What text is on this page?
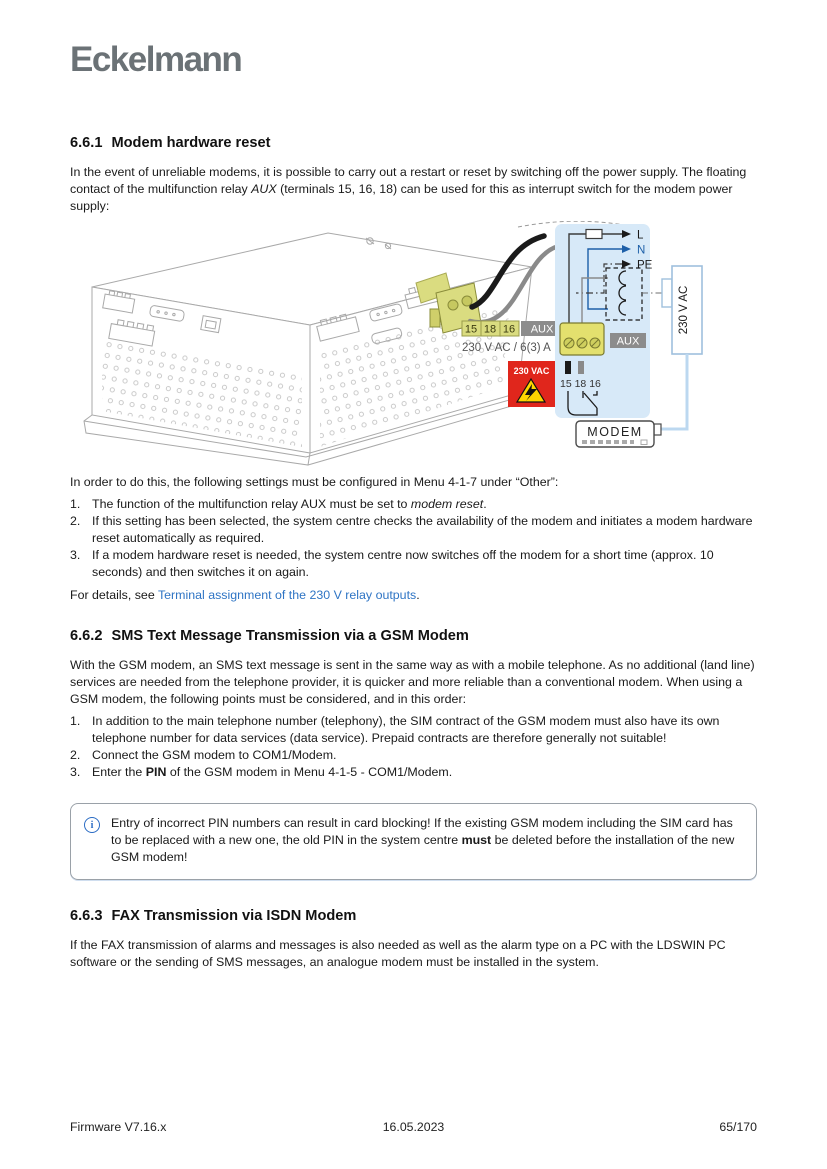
Eckelmann
6.6.1 Modem hardware reset

In the event of unreliable modems, it is possible to carry out a restart or reset by switching off the power supply. The floating contact of the multifunction relay AUX (terminals 15, 16, 18) can be used for this as interrupt switch for the modem power supply:

15 18 16 AUX
230 V AC / 6(3) A
230 VAC
L
N
PE
AUX
15 18 16
230 V AC
MODEM

In order to do this, the following settings must be configured in Menu 4-1-7 under “Other”:

1. The function of the multifunction relay AUX must be set to modem reset.
2. If this setting has been selected, the system centre checks the availability of the modem and initiates a modem hardware reset automatically as required.
3. If a modem hardware reset is needed, the system centre now switches off the modem for a short time (approx. 10 seconds) and then switches it on again.

For details, see Terminal assignment of the 230 V relay outputs.

6.6.2 SMS Text Message Transmission via a GSM Modem

With the GSM modem, an SMS text message is sent in the same way as with a mobile telephone. As no additional (land line) services are needed from the telephone provider, it is quicker and more reliable than a conventional modem. When using a GSM modem, the following points must be considered, and in this order:

1. In addition to the main telephone number (telephony), the SIM contract of the GSM modem must also have its own telephone number for data services (data service). Prepaid contracts are therefore generally not suitable!
2. Connect the GSM modem to COM1/Modem.
3. Enter the PIN of the GSM modem in Menu 4-1-5 - COM1/Modem.
i	Entry of incorrect PIN numbers can result in card blocking! If the existing GSM modem including the SIM card has to be replaced with a new one, the old PIN in the system centre must be deleted before the installation of the new GSM modem!
6.6.3 FAX Transmission via ISDN Modem

If the FAX transmission of alarms and messages is also needed as well as the alarm type on a PC with the LDSWIN PC software or the sending of SMS messages, an analogue modem must be installed in the system.

Firmware V7.16.x	16.05.2023	65/170
